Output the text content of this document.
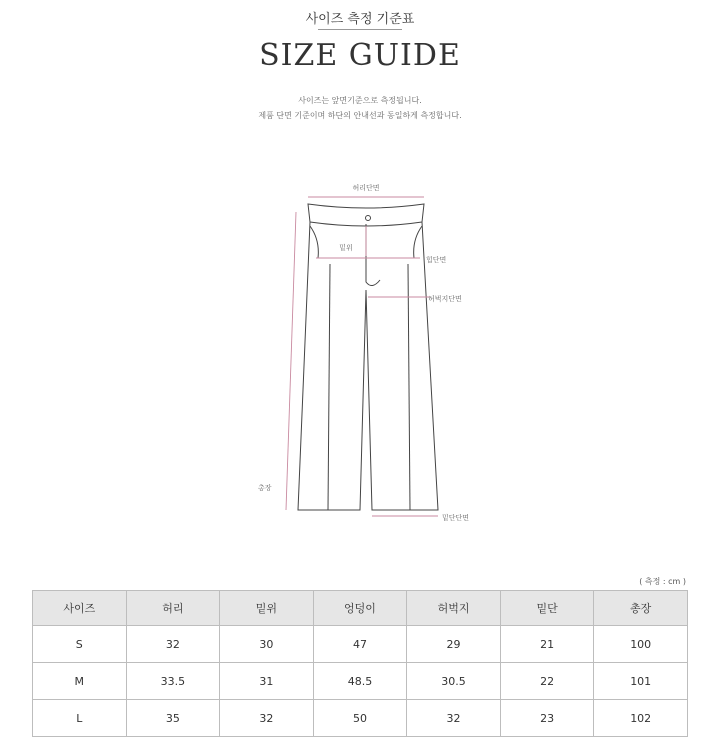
사이즈 측정 기준표
SIZE GUIDE
사이즈는 앞면기준으로 측정됩니다.
제품 단면 기준이며 하단의 안내선과 동일하게 측정합니다.
허리단면
밑위
힙단면
허벅지단면
총장
밑단단면
( 측정 : cm )
사이즈	허리	밑위	엉덩이	허벅지	밑단	총장
S	32	30	47	29	21	100
M	33.5	31	48.5	30.5	22	101
L	35	32	50	32	23	102
